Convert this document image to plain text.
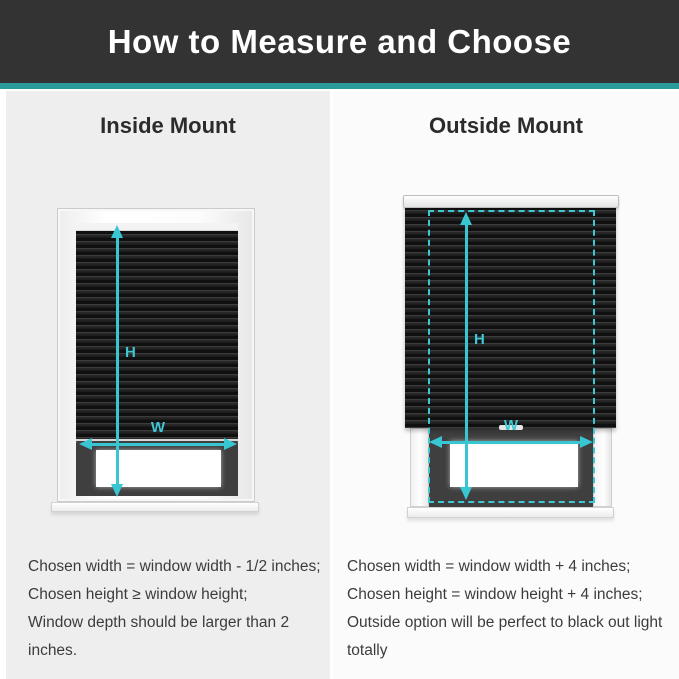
How to Measure and Choose
Inside Mount
H
W

Chosen width = window width - 1/2 inches;

Chosen height ≥ window height;

Window depth should be larger than 2 inches.

Outside Mount
H
W

Chosen width = window width + 4 inches;

Chosen height = window height + 4 inches;

Outside option will be perfect to black out light totally
